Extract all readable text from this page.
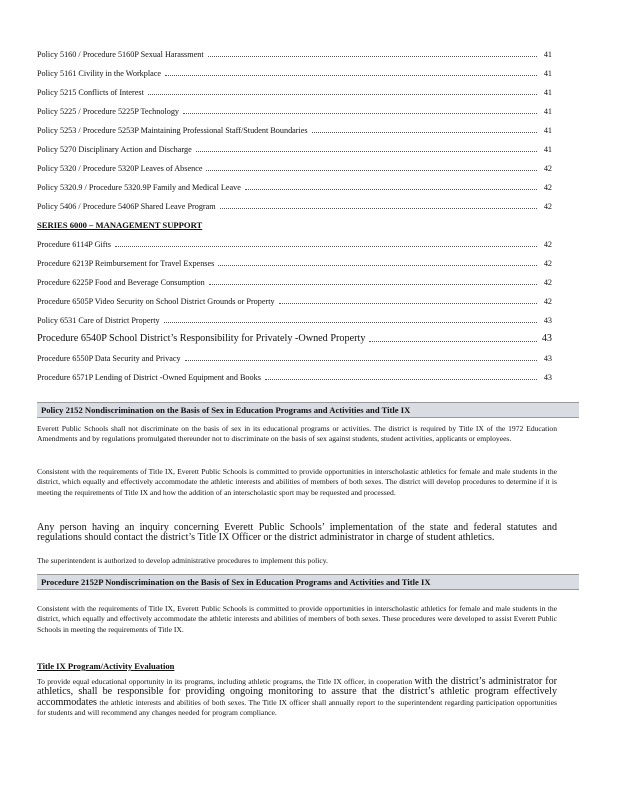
Policy 5160 / Procedure 5160P Sexual Harassment	41
Policy 5161 Civility in the Workplace	41
Policy 5215 Conflicts of Interest	41
Policy 5225 / Procedure 5225P Technology	41
Policy 5253 / Procedure 5253P Maintaining Professional Staff/Student Boundaries	41
Policy 5270 Disciplinary Action and Discharge	41
Policy 5320 / Procedure 5320P Leaves of Absence	42
Policy 5320.9 / Procedure 5320.9P Family and Medical Leave	42
Policy 5406 / Procedure 5406P Shared Leave Program	42
SERIES 6000 – MANAGEMENT SUPPORT
Procedure 6114P Gifts	42
Procedure 6213P Reimbursement for Travel Expenses	42
Procedure 6225P Food and Beverage Consumption	42
Procedure 6505P Video Security on School District Grounds or Property	42
Policy 6531 Care of District Property	43
Procedure 6540P School District’s Responsibility for Privately -Owned Property	43
Procedure 6550P Data Security and Privacy	43
Procedure 6571P Lending of District -Owned Equipment and Books	43
Policy 2152 Nondiscrimination on the Basis of Sex in Education Programs and Activities and Title IX
Everett Public Schools shall not discriminate on the basis of sex in its educational programs or activities. The district is required by Title IX of the 1972 Education Amendments and by regulations promulgated thereunder not to discriminate on the basis of sex against students, student activities, applicants or employees.
Consistent with the requirements of Title IX, Everett Public Schools is committed to provide opportunities in interscholastic athletics for female and male students in the district, which equally and effectively accommodate the athletic interests and abilities of members of both sexes. The district will develop procedures to determine if it is meeting the requirements of Title IX and how the addition of an interscholastic sport may be requested and processed.
Any person having an inquiry concerning Everett Public Schools’ implementation of the state and federal statutes and regulations should contact the district’s Title IX Officer or the district administrator in charge of student athletics.
The superintendent is authorized to develop administrative procedures to implement this policy.
Procedure 2152P Nondiscrimination on the Basis of Sex in Education Programs and Activities and Title IX
Consistent with the requirements of Title IX, Everett Public Schools is committed to provide opportunities in interscholastic athletics for female and male students in the district, which equally and effectively accommodate the athletic interests and abilities of members of both sexes. These procedures were developed to assist Everett Public Schools in meeting the requirements of Title IX.
Title IX Program/Activity Evaluation
To provide equal educational opportunity in its programs, including athletic programs, the Title IX officer, in cooperation with the district’s administrator for athletics, shall be responsible for providing ongoing monitoring to assure that the district’s athletic program effectively accommodates the athletic interests and abilities of both sexes. The Title IX officer shall annually report to the superintendent regarding participation opportunities for students and will recommend any changes needed for program compliance.
